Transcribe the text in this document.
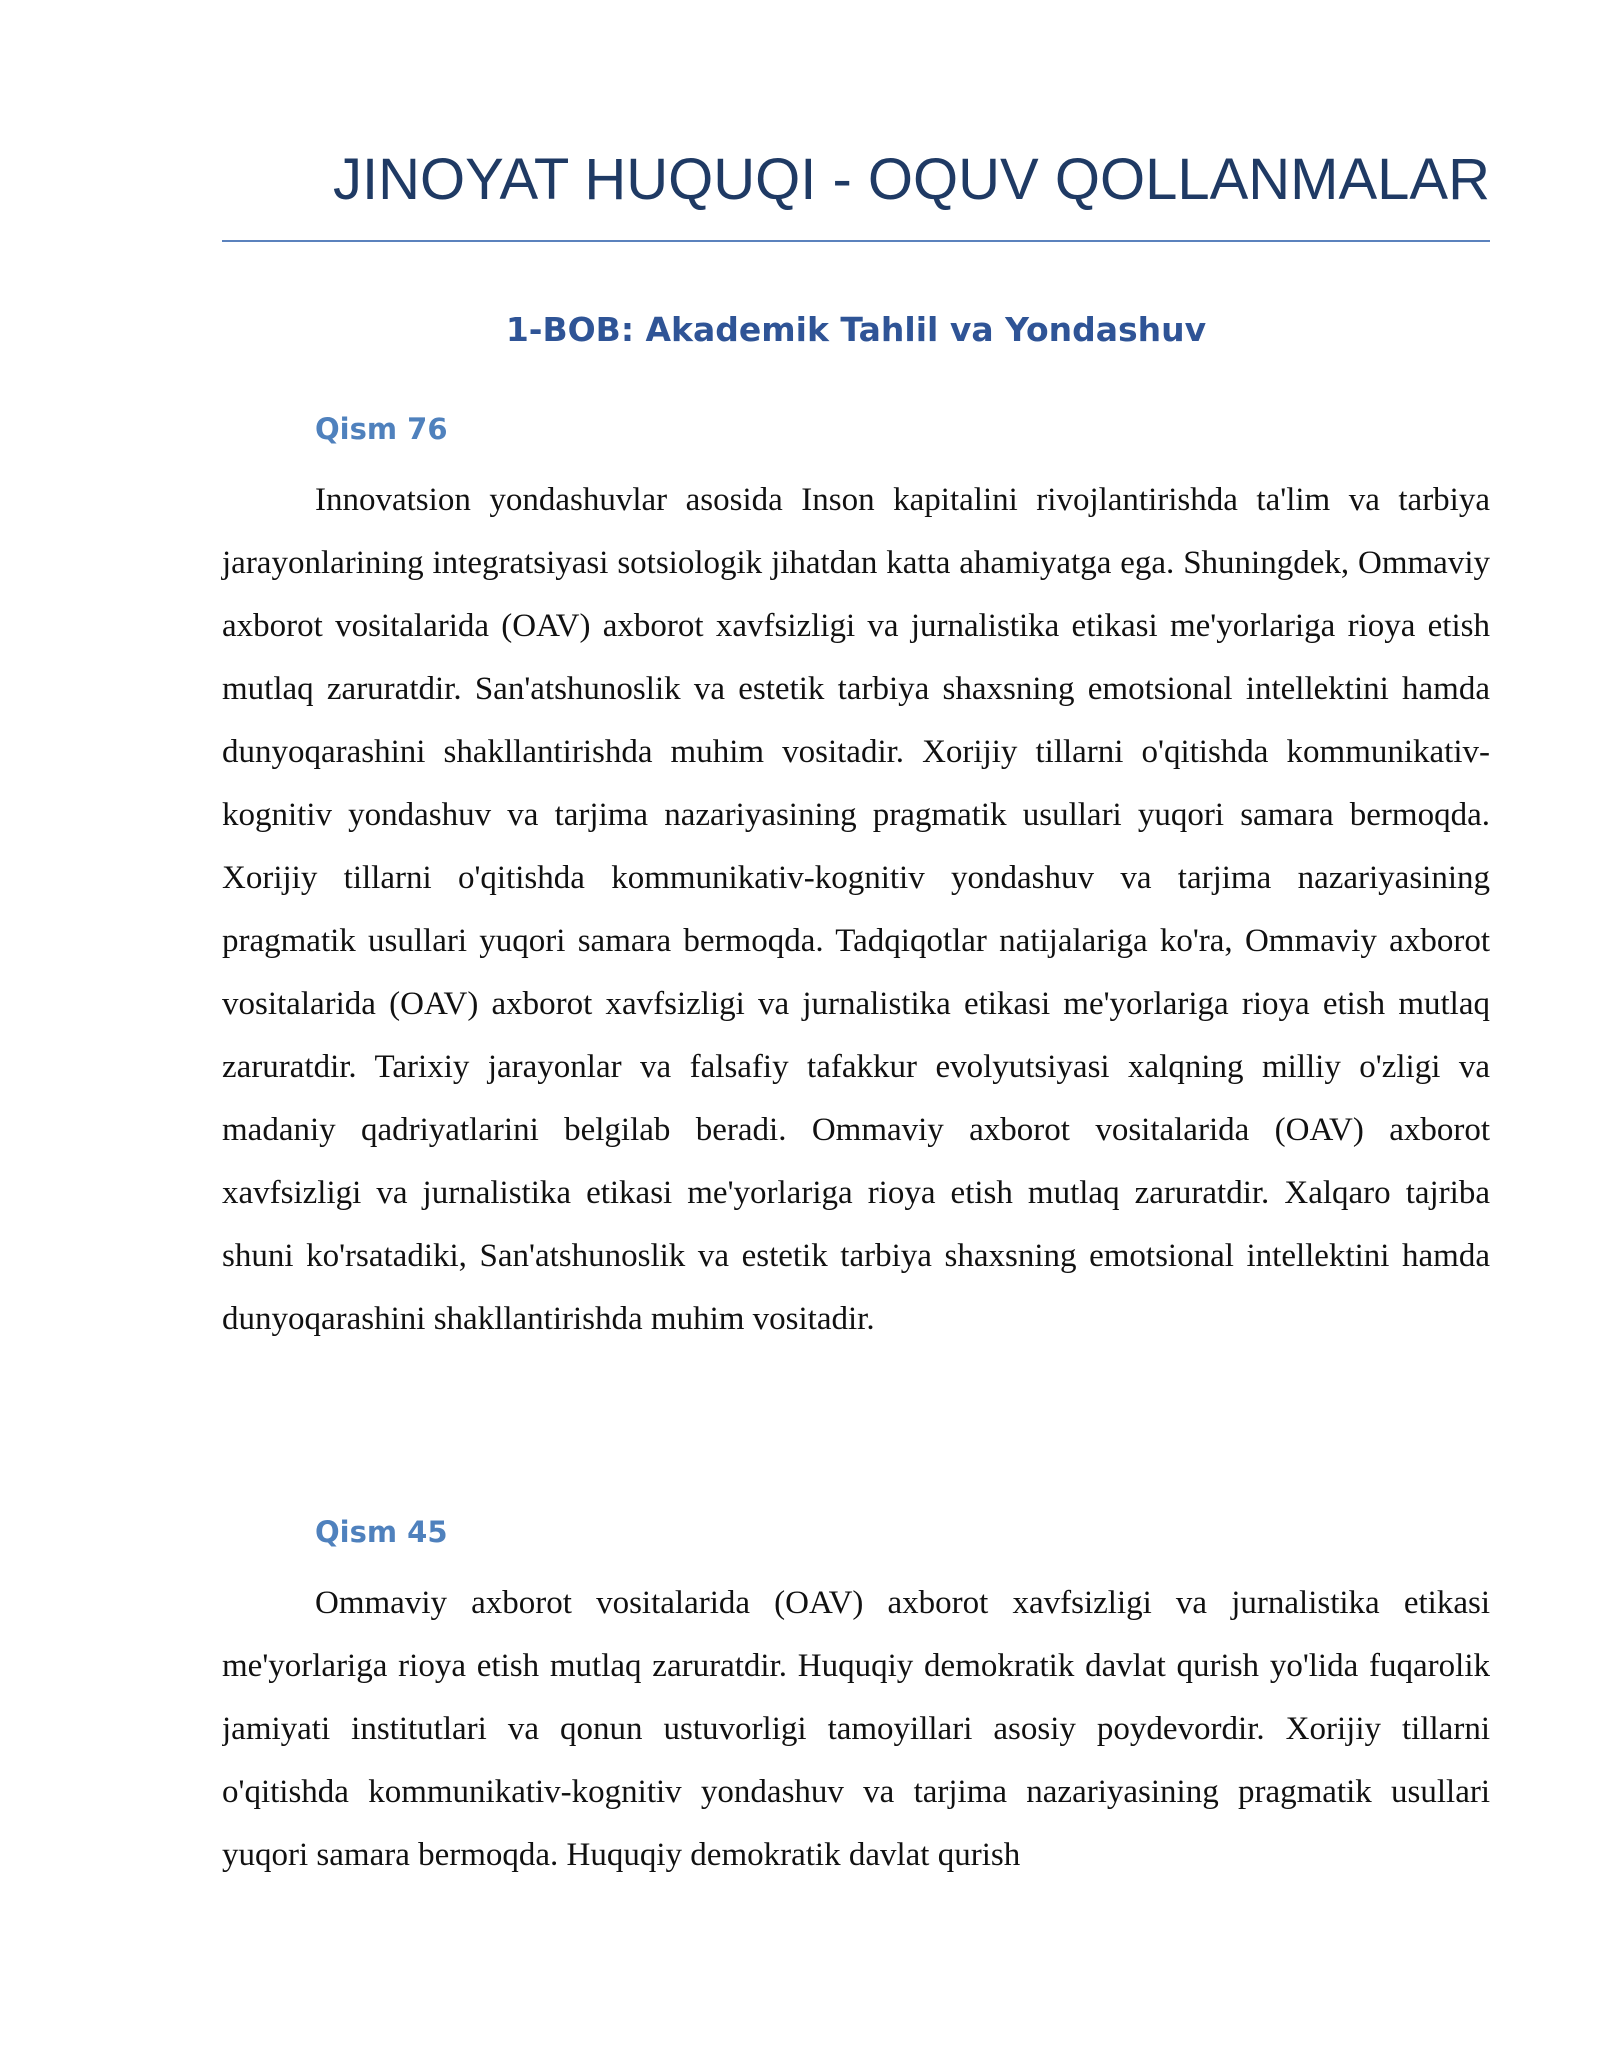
JINOYAT HUQUQI - OQUV QOLLANMALAR
1-BOB: Akademik Tahlil va Yondashuv
Qism 76

Innovatsion yondashuvlar asosida Inson kapitalini rivojlantirishda ta'lim va tarbiya jarayonlarining integratsiyasi sotsiologik jihatdan katta ahamiyatga ega. Shuningdek, Ommaviy axborot vositalarida (OAV) axborot xavfsizligi va jurnalistika etikasi me'yorlariga rioya etish mutlaq zaruratdir. San'atshunoslik va estetik tarbiya shaxsning emotsional intellektini hamda dunyoqarashini shakllantirishda muhim vositadir. Xorijiy tillarni o'qitishda kommunikativ-kognitiv yondashuv va tarjima nazariyasining pragmatik usullari yuqori samara bermoqda. Xorijiy tillarni o'qitishda kommunikativ-kognitiv yondashuv va tarjima nazariyasining pragmatik usullari yuqori samara bermoqda. Tadqiqotlar natijalariga ko'ra, Ommaviy axborot vositalarida (OAV) axborot xavfsizligi va jurnalistika etikasi me'yorlariga rioya etish mutlaq zaruratdir. Tarixiy jarayonlar va falsafiy tafakkur evolyutsiyasi xalqning milliy o'zligi va madaniy qadriyatlarini belgilab beradi. Ommaviy axborot vositalarida (OAV) axborot xavfsizligi va jurnalistika etikasi me'yorlariga rioya etish mutlaq zaruratdir. Xalqaro tajriba shuni ko'rsatadiki, San'atshunoslik va estetik tarbiya shaxsning emotsional intellektini hamda dunyoqarashini shakllantirishda muhim vositadir.

Qism 45

Ommaviy axborot vositalarida (OAV) axborot xavfsizligi va jurnalistika etikasi me'yorlariga rioya etish mutlaq zaruratdir. Huquqiy demokratik davlat qurish yo'lida fuqarolik jamiyati institutlari va qonun ustuvorligi tamoyillari asosiy poydevordir. Xorijiy tillarni o'qitishda kommunikativ-kognitiv yondashuv va tarjima nazariyasining pragmatik usullari yuqori samara bermoqda. Huquqiy demokratik davlat qurish
